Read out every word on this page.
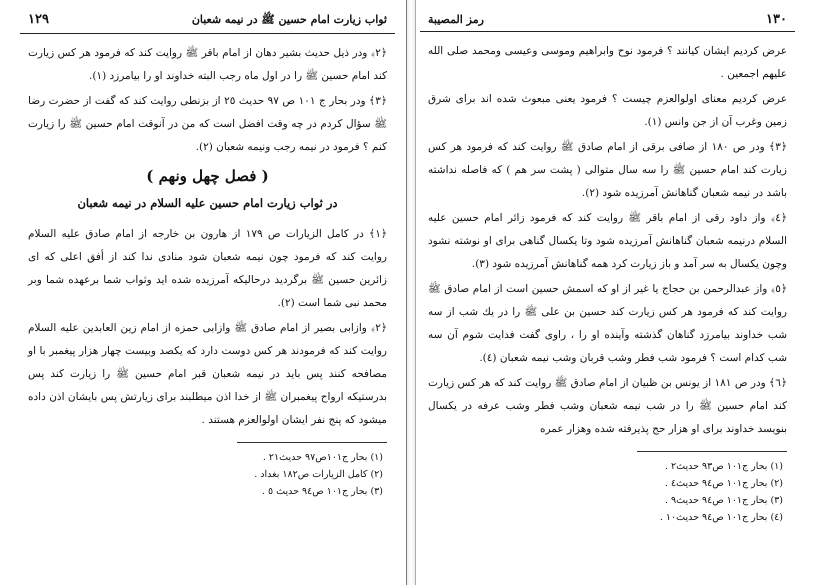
ثواب زيارت امام حسين ﷺ در نيمه شعبان
١٢٩

﴿٢﴾ ودر ذيل حديث بشير دهان از امام باقر ﷺ روايت كند كه فرمود هر كس زيارت كند امام حسين ﷺ را در اول ماه رجب البته خداوند او را بيامرزد (١).

﴿٣﴾ ودر بحار ج ١٠١ ص ٩٧ حديث ٢٥ از بزنطى روايت كند كه گفت از حضرت رضا ﷺ سؤال كردم در چه وقت افضل است كه من در آنوقت امام حسين ﷺ را زيارت كنم ؟ فرمود در نيمه رجب ونيمه شعبان (٢).

( فصل چهل ونهم )
در ثواب زيارت امام حسين عليه السلام در نيمه شعبان

﴿١﴾ در كامل الزيارات ص ١٧٩ از هارون بن خارجه از امام صادق عليه السلام روايت كند كه فرمود چون نيمه شعبان شود منادى ندا كند از أفق اعلى كه اى زائرين حسين ﷺ برگرديد درحاليكه آمرزيده شده ايد وثواب شما برعهده شما وبر محمد نبى شما است (٢).

﴿٢﴾ وازابى بصير از امام صادق ﷺ وازابى حمزه از امام زين العابدين عليه السلام روايت كند كه فرمودند هر كس دوست دارد كه يكصد وبيست چهار هزار پيغمبر با او مصافحه كنند پس بايد در نيمه شعبان قبر امام حسين ﷺ را زيارت كند پس بدرستيكه ارواح پيغمبران ﷺ از خدا اذن ميطلبند براى زيارتش پس بايشان اذن داده ميشود كه پنج نفر ايشان اولوالعزم هستند .

(١) بحار ج١٠١ص٩٧ حديث٢١ .
(٢) كامل الزيارات ص١٨٢ بغداد .
(٣) بحار ج١٠١ ص٩٤ حديث ٥ .
١٣٠
رمز المصيبة

عرض كرديم ايشان كيانند ؟ فرمود نوح وابراهيم وموسى وعيسى ومحمد صلى الله عليهم اجمعين .

عرض كرديم معناى اولوالعزم چيست ؟ فرمود يعنى مبعوث شده اند براى شرق زمين وغرب آن از جن وانس (١).

﴿٣﴾ ودر ص ١٨٠ از صافى برقى از امام صادق ﷺ روايت كند كه فرمود هر كس زيارت كند امام حسين ﷺ را سه سال متوالى ( پشت سر هم ) كه فاصله نداشته باشد در نيمه شعبان گناهانش آمرزيده شود (٢).

﴿٤﴾ واز داود رقى از امام باقر ﷺ روايت كند كه فرمود زائر امام حسين عليه السلام درنيمه شعبان گناهانش آمرزيده شود وتا يكسال گناهى براى او نوشته نشود وچون يكسال به سر آمد و باز زيارت كرد همه گناهانش آمرزيده شود (٣).

﴿٥﴾ واز عبدالرحمن بن حجاج يا غير از او كه اسمش حسين است از امام صادق ﷺ روايت كند كه فرمود هر كس زيارت كند حسين بن على ﷺ را در يك شب از سه شب خداوند بيامرزد گناهان گذشته وآينده او را ، راوى گفت فدايت شوم آن سه شب كدام است ؟ فرمود شب فطر وشب قربان وشب نيمه شعبان (٤).

﴿٦﴾ ودر ص ١٨١ از يونس بن ظبيان از امام صادق ﷺ روايت كند كه هر كس زيارت كند امام حسين ﷺ را در شب نيمه شعبان وشب فطر وشب عرفه در يكسال بنويسد خداوند براى او هزار حج پذيرفته شده وهزار عمره

(١) بحار ج١٠١ ص٩٣ حديث٢ .
(٢) بحار ج١٠١ ص٩٤ حديث٤ .
(٣) بحار ج١٠١ ص٩٤ حديث٩ .
(٤) بحار ج١٠١ ص٩٤ حديث١٠ .
